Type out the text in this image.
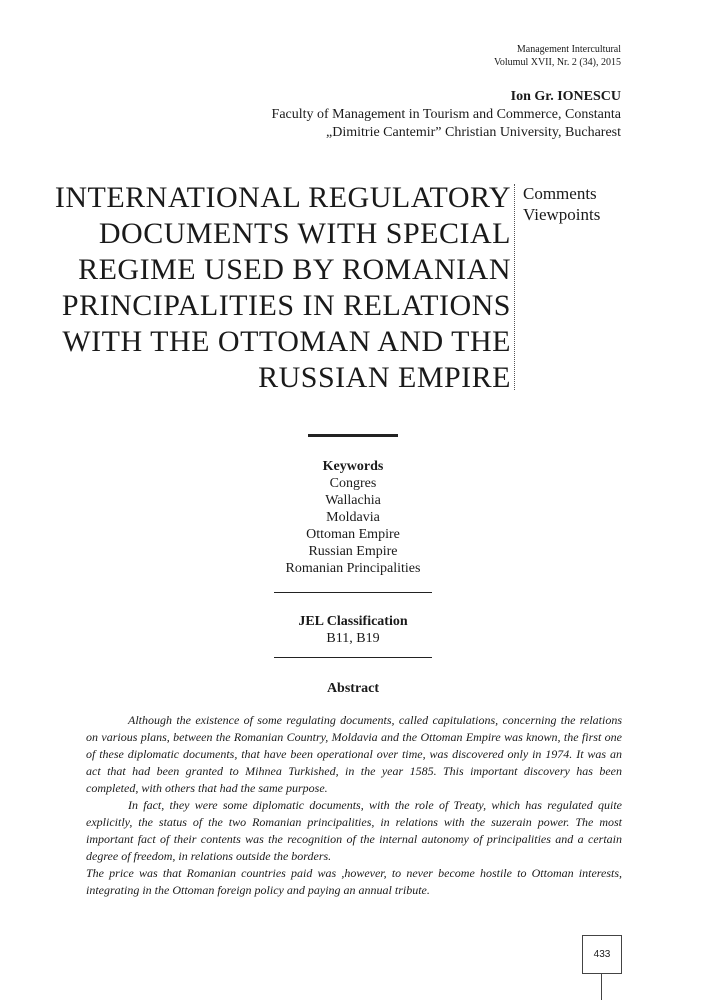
Management Intercultural
Volumul XVII, Nr. 2 (34), 2015
Ion Gr. IONESCU
Faculty of Management in Tourism and Commerce, Constanta
„Dimitrie Cantemir” Christian University, Bucharest
INTERNATIONAL REGULATORY
DOCUMENTS WITH SPECIAL
REGIME USED BY ROMANIAN
PRINCIPALITIES IN RELATIONS
WITH THE OTTOMAN AND THE
RUSSIAN EMPIRE
Comments
Viewpoints
Keywords
Congres
Wallachia
Moldavia
Ottoman Empire
Russian Empire
Romanian Principalities
JEL Classification
B11, B19
Abstract

Although the existence of some regulating documents, called capitulations, concerning the relations on various plans, between the Romanian Country, Moldavia and the Ottoman Empire was known, the first one of these diplomatic documents, that have been operational over time, was discovered only in 1974. It was an act that had been granted to Mihnea Turkished, in the year 1585. This important discovery has been completed, with others that had the same purpose.

In fact, they were some diplomatic documents, with the role of Treaty, which has regulated quite explicitly, the status of the two Romanian principalities, in relations with the suzerain power. The most important fact of their contents was the recognition of the internal autonomy of principalities and a certain degree of freedom, in relations outside the borders.

The price was that Romanian countries paid was ,however, to never become hostile to Ottoman interests, integrating in the Ottoman foreign policy and paying an annual tribute.

433
